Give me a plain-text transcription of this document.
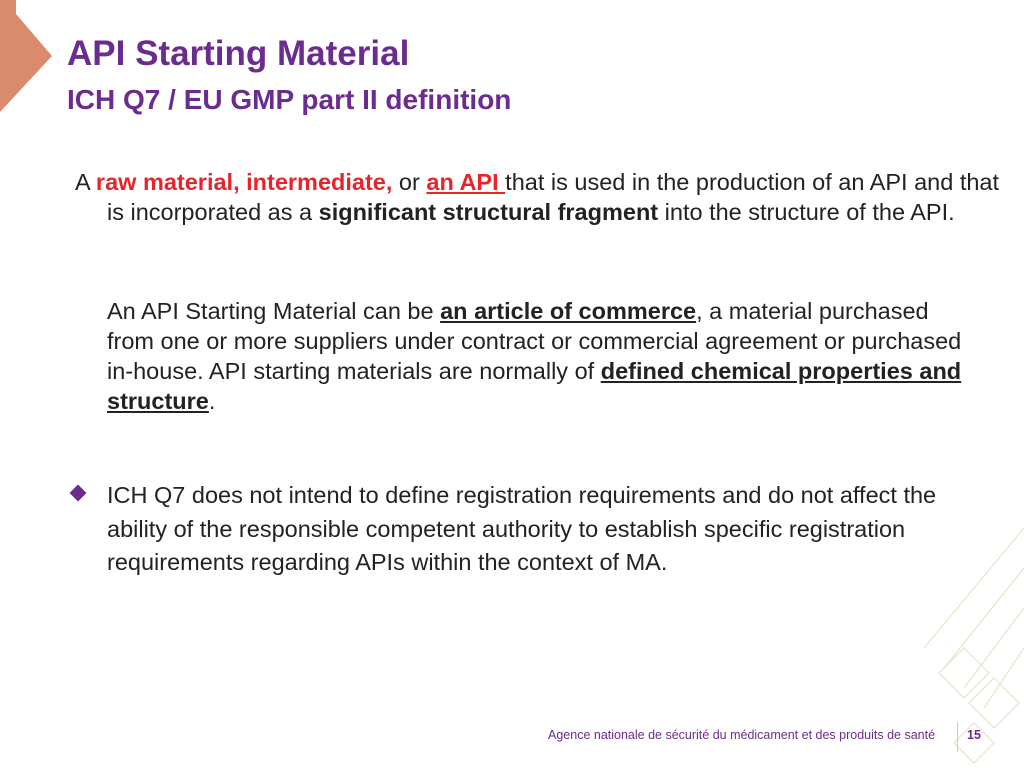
API Starting Material
ICH Q7 / EU GMP part II definition
A raw material, intermediate, or an API that is used in the production of an API and that is incorporated as a significant structural fragment into the structure of the API.
An API Starting Material can be an article of commerce, a material purchased from one or more suppliers under contract or commercial agreement or purchased in-house. API starting materials are normally of defined chemical properties and structure.
ICH Q7 does not intend to define registration requirements and do not affect the ability of the responsible competent authority to establish specific registration requirements regarding APIs within the context of MA.
Agence nationale de sécurité du médicament et des produits de santé	15
